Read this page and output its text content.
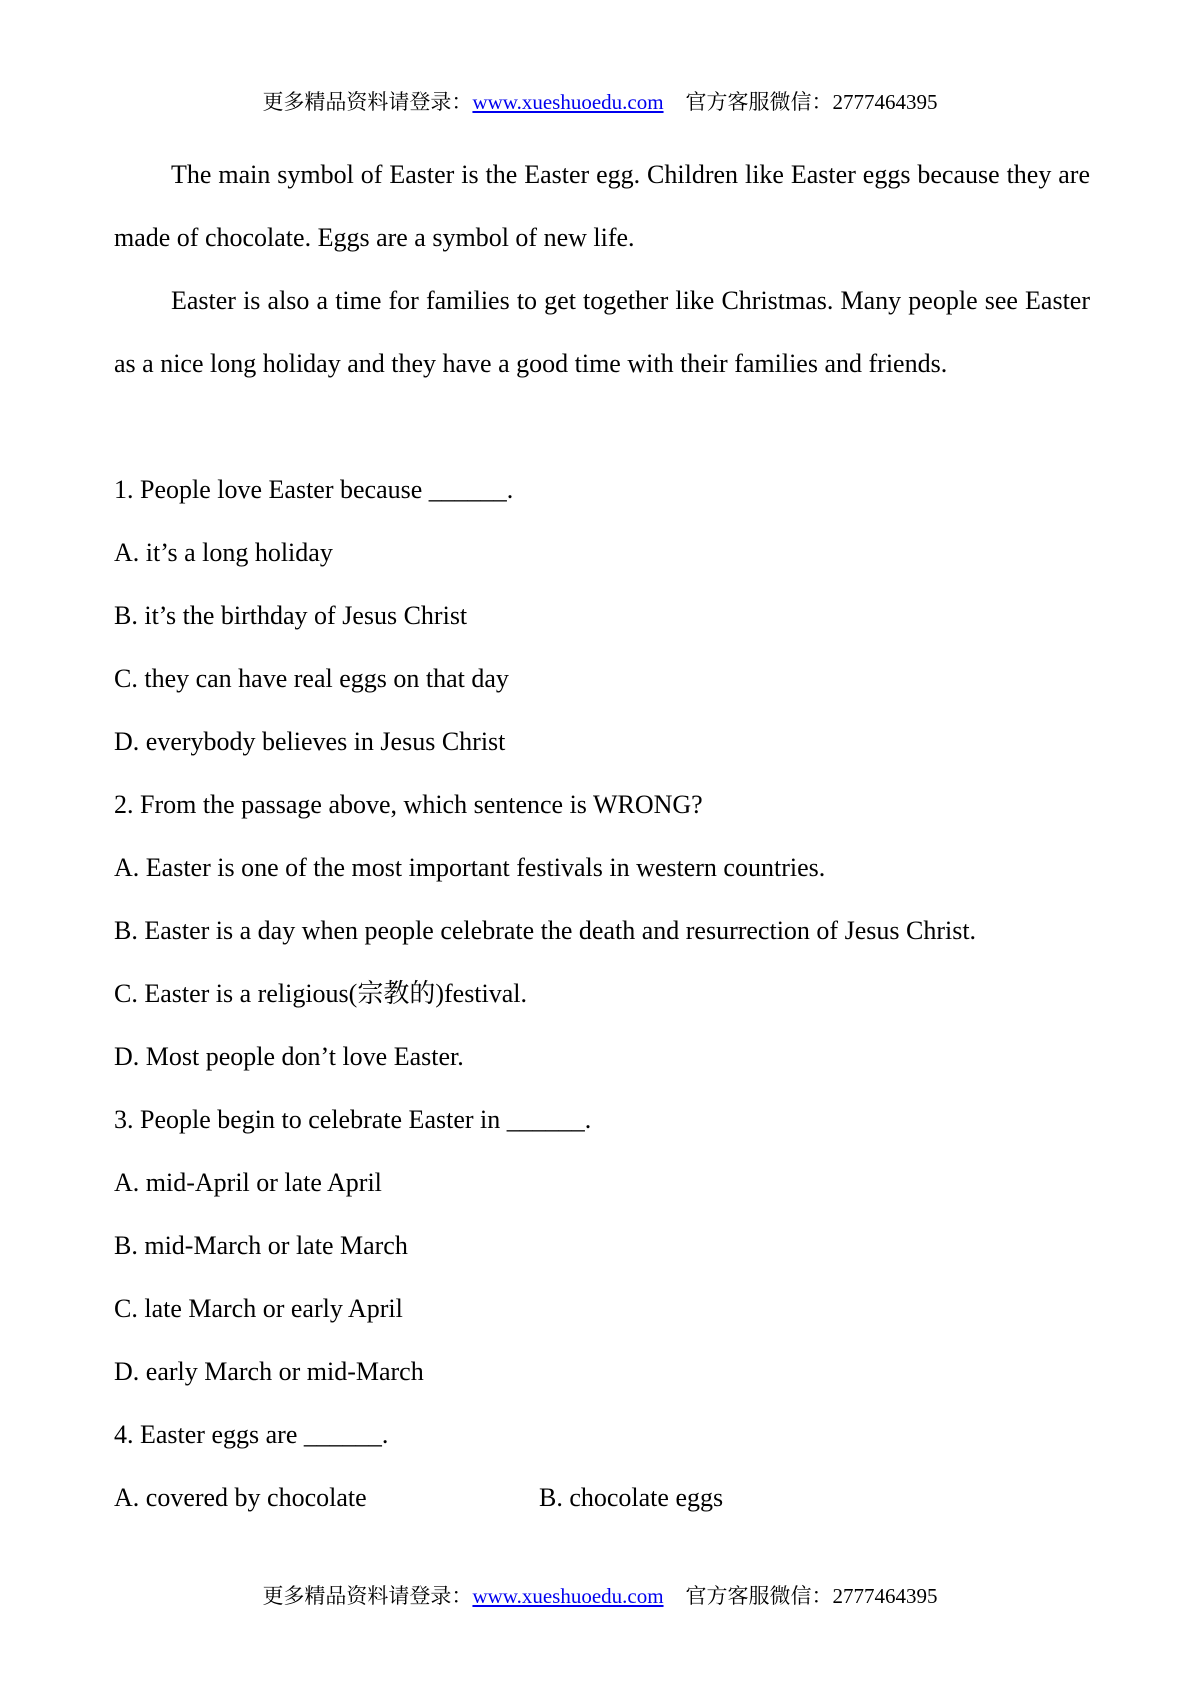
更多精品资料请登录：www.xueshuoedu.com 官方客服微信：2777464395
The main symbol of Easter is the Easter egg. Children like Easter eggs because they are made of chocolate. Eggs are a symbol of new life.
Easter is also a time for families to get together like Christmas. Many people see Easter as a nice long holiday and they have a good time with their families and friends.
1. People love Easter because ______.
A. it’s a long holiday
B. it’s the birthday of Jesus Christ
C. they can have real eggs on that day
D. everybody believes in Jesus Christ
2. From the passage above, which sentence is WRONG?
A. Easter is one of the most important festivals in western countries.
B. Easter is a day when people celebrate the death and resurrection of Jesus Christ.
C. Easter is a religious(宗教的)festival.
D. Most people don’t love Easter.
3. People begin to celebrate Easter in ______.
A. mid-April or late April
B. mid-March or late March
C. late March or early April
D. early March or mid-March
4. Easter eggs are ______.
A. covered by chocolate	B. chocolate eggs
更多精品资料请登录：www.xueshuoedu.com 官方客服微信：2777464395
